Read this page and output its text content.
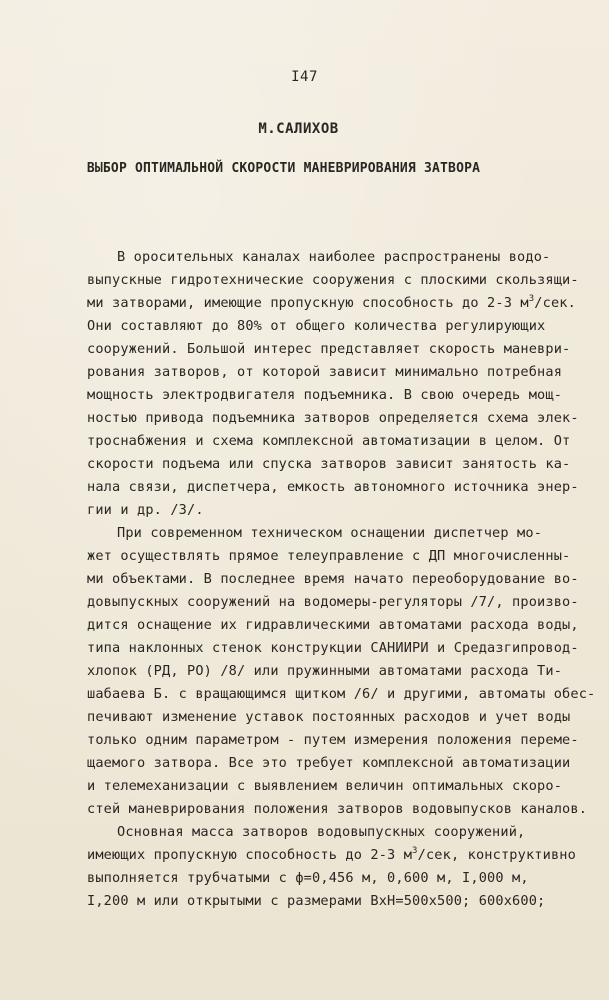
I47
М.САЛИХОВ
ВЫБОР ОПТИМАЛЬНОЙ СКОРОСТИ МАНЕВРИРОВАНИЯ ЗАТВОРА
В оросительных каналах наиболее распространены водо-
выпускные гидротехнические сооружения с плоскими скользящи-
ми затворами, имеющие пропускную способность до 2-3 $м^3$/сек.
Они составляют до 80% от общего количества регулирующих
сооружений. Большой интерес представляет скорость маневри-
рования затворов, от которой зависит минимально потребная
мощность электродвигателя подъемника. В свою очередь мощ-
ностью привода подъемника затворов определяется схема элек-
троснабжения и схема комплексной автоматизации в целом. От
скорости подъема или спуска затворов зависит занятость ка-
нала связи, диспетчера, емкость автономного источника энер-
гии и др. /3/.
При современном техническом оснащении диспетчер мо-
жет осуществлять прямое телеуправление с ДП многочисленны-
ми объектами. В последнее время начато переоборудование во-
довыпускных сооружений на водомеры-регуляторы /7/, произво-
дится оснащение их гидравлическими автоматами расхода воды,
типа наклонных стенок конструкции САНИИРИ и Средазгипровод-
хлопок (РД, РО) /8/ или пружинными автоматами расхода Ти-
шабаева Б. с вращающимся щитком /6/ и другими, автоматы обес-
печивают изменение уставок постоянных расходов и учет воды
только одним параметром - путем измерения положения переме-
щаемого затвора. Все это требует комплексной автоматизации
и телемеханизации с выявлением величин оптимальных скоро-
стей маневрирования положения затворов водовыпусков каналов.
Основная масса затворов водовыпускных сооружений,
имеющих пропускную способность до 2-3 $м^3$/сек, конструктивно
выполняется трубчатыми с ф=0,456 м, 0,600 м, I,000 м,
I,200 м или открытыми с размерами ВхН=500х500; 600х600;
